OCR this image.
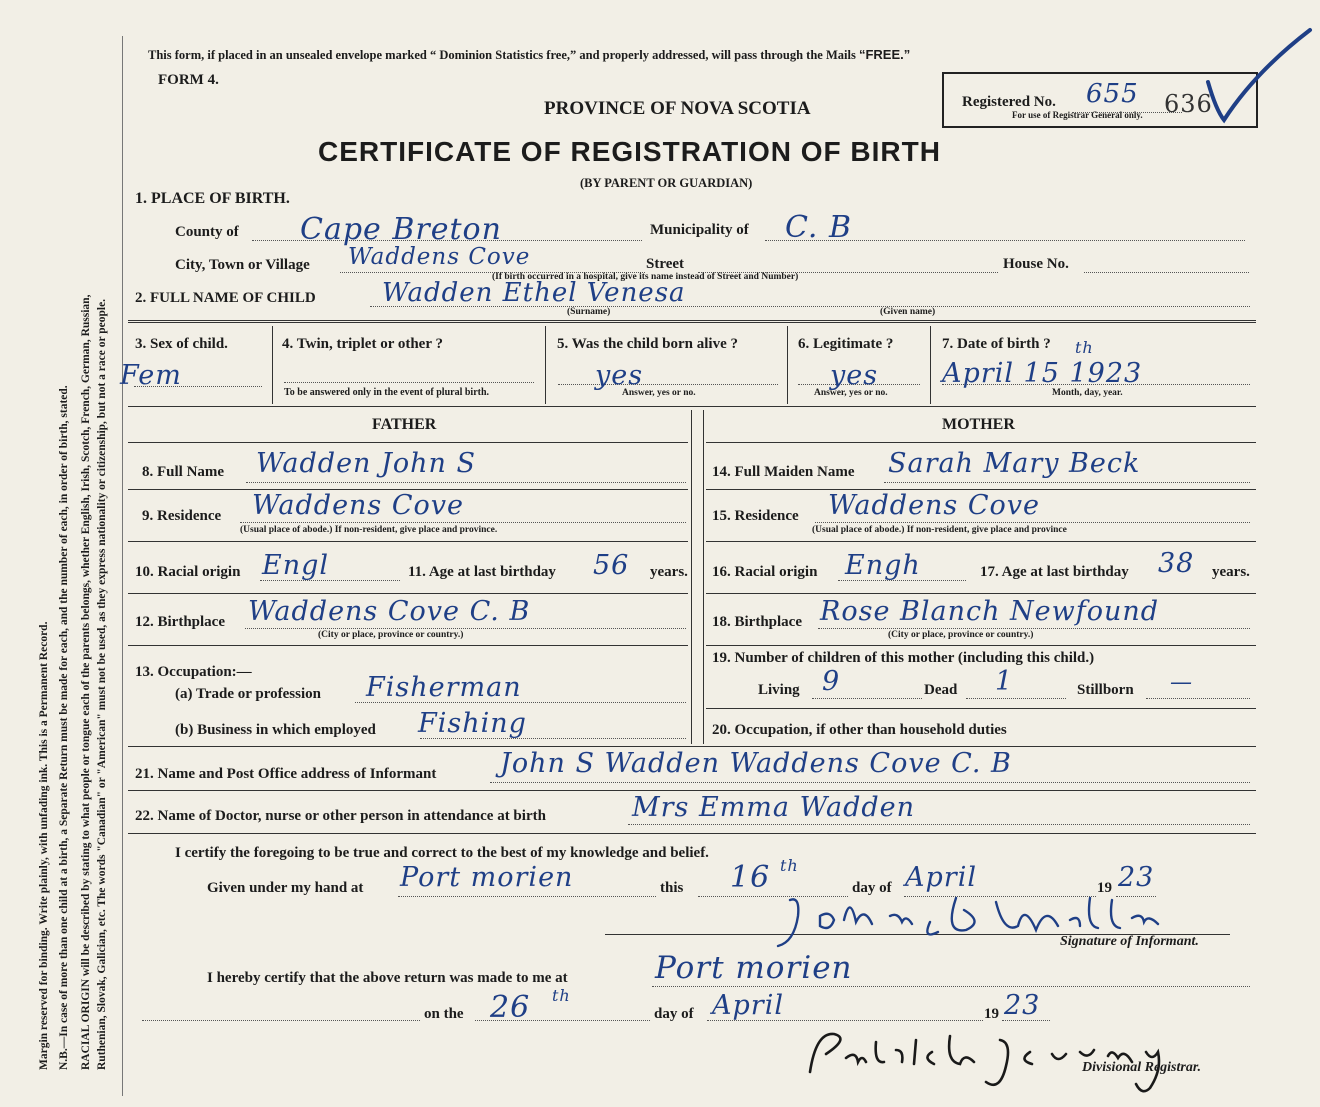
Margin reserved for binding. Write plainly, with unfading ink. This is a Permanent Record. N.B.—In case of more than one child at a birth, a Separate Return must be made for each, and the number of each, in order of birth, stated. RACIAL ORIGIN will be described by stating to what people or tongue each of the parents belongs, whether English, Irish, Scotch, French, German, Russian, Ruthenian, Slovak, Galician, etc. The words "Canadian" or "American" must not be used, as they express nationality or citizenship, but not a race or people.
This form, if placed in an unsealed envelope marked “ Dominion Statistics free,” and properly addressed, will pass through the Mails “FREE.”
FORM 4.
PROVINCE OF NOVA SCOTIA
CERTIFICATE OF REGISTRATION OF BIRTH
(BY PARENT OR GUARDIAN)
Registered No. 655 636
For use of Registrar General only.
1. PLACE OF BIRTH.
County of Cape Breton	Municipality of C. B
City, Town or Village Waddens Cove	Street	House No.
(If birth occurred in a hospital, give its name instead of Street and Number)
2. FULL NAME OF CHILD	Wadden Ethel Venesa
(Surname)	(Given name)
3. Sex of child.
Fem
4. Twin, triplet or other ?
To be answered only in the event of plural birth.
5. Was the child born alive ?
yes
Answer, yes or no.
6. Legitimate ?
yes
Answer, yes or no.
7. Date of birth ?
April 15 1923
th
Month, day, year.
FATHER
8. Full Name Wadden John S
9. Residence Waddens Cove
(Usual place of abode.) If non-resident, give place and province.
10. Racial origin Engl	11. Age at last birthday 56 years.
12. Birthplace Waddens Cove C. B
(City or place, province or country.)
13. Occupation:—
(a) Trade or profession Fisherman
(b) Business in which employed Fishing
MOTHER
14. Full Maiden Name Sarah Mary Beck
15. Residence Waddens Cove
(Usual place of abode.) If non-resident, give place and province
16. Racial origin Engh	17. Age at last birthday 38 years.
18. Birthplace Rose Blanch Newfound
(City or place, province or country.)
19. Number of children of this mother (including this child.)
Living 9	Dead 1	Stillborn —
20. Occupation, if other than household duties
21. Name and Post Office address of Informant John S Wadden Waddens Cove C. B
22. Name of Doctor, nurse or other person in attendance at birth	Mrs Emma Wadden
I certify the foregoing to be true and correct to the best of my knowledge and belief.
Given under my hand at Port morien	this 16 th
day of April	19 23
Signature of Informant.
I hereby certify that the above return was made to me at	Port morien
on the 26 th
day of April	19 23
Divisional Registrar.
